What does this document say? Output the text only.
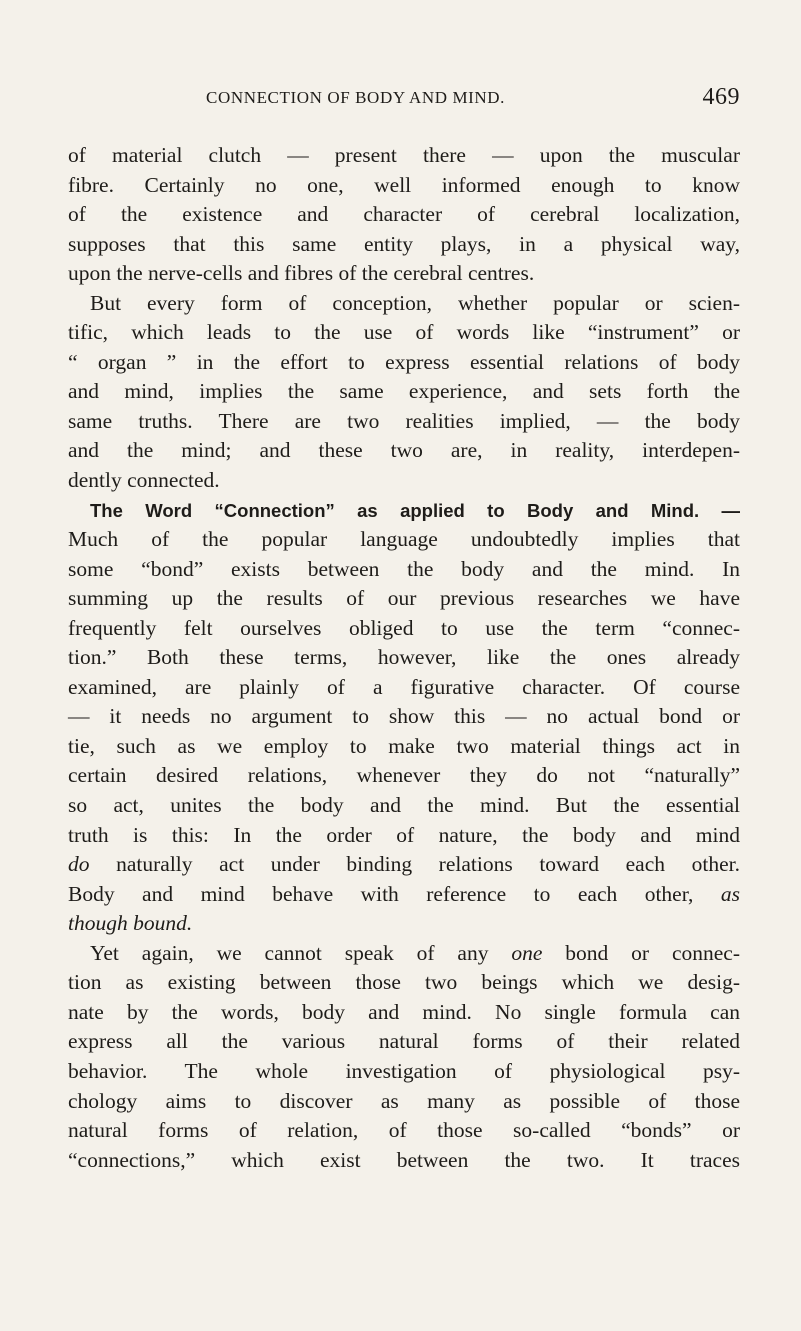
CONNECTION OF BODY AND MIND.	469
of material clutch — present there — upon the muscular
fibre. Certainly no one, well informed enough to know
of the existence and character of cerebral localization,
supposes that this same entity plays, in a physical way,
upon the nerve-cells and fibres of the cerebral centres.
But every form of conception, whether popular or scien-
tific, which leads to the use of words like “instrument” or
“ organ ” in the effort to express essential relations of body
and mind, implies the same experience, and sets forth the
same truths. There are two realities implied, — the body
and the mind; and these two are, in reality, interdepen-
dently connected.
The Word “Connection” as applied to Body and Mind. —
Much of the popular language undoubtedly implies that
some “bond” exists between the body and the mind. In
summing up the results of our previous researches we have
frequently felt ourselves obliged to use the term “connec-
tion.” Both these terms, however, like the ones already
examined, are plainly of a figurative character. Of course
— it needs no argument to show this — no actual bond or
tie, such as we employ to make two material things act in
certain desired relations, whenever they do not “naturally”
so act, unites the body and the mind. But the essential
truth is this: In the order of nature, the body and mind
do naturally act under binding relations toward each other.
Body and mind behave with reference to each other, as
though bound.
Yet again, we cannot speak of any one bond or connec-
tion as existing between those two beings which we desig-
nate by the words, body and mind. No single formula can
express all the various natural forms of their related
behavior. The whole investigation of physiological psy-
chology aims to discover as many as possible of those
natural forms of relation, of those so-called “bonds” or
“connections,” which exist between the two. It traces
